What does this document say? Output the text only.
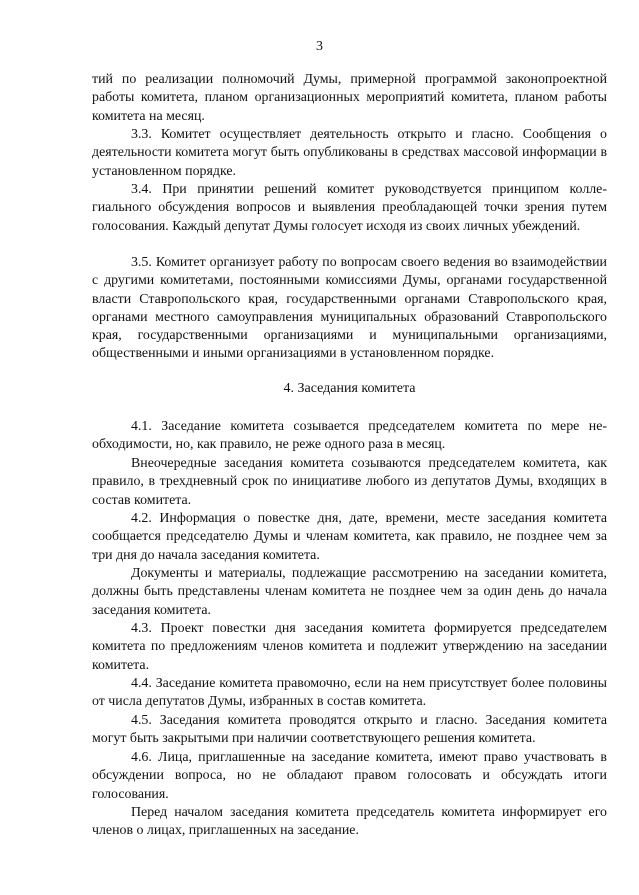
3

тий по реализации полномочий Думы, примерной программой законопроектной работы комитета, планом организационных мероприятий комитета, планом работы комитета на месяц.

3.3. Комитет осуществляет деятельность открыто и гласно. Сообщения о деятельности комитета могут быть опубликованы в средствах массовой информации в установленном порядке.

3.4. При принятии решений комитет руководствуется принципом коллегиального обсуждения вопросов и выявления преобладающей точки зрения путем голосования. Каждый депутат Думы голосует исходя из своих личных убеждений.

3.5. Комитет организует работу по вопросам своего ведения во взаимодействии с другими комитетами, постоянными комиссиями Думы, органами государственной власти Ставропольского края, государственными органами Ставропольского края, органами местного самоуправления муниципальных образований Ставропольского края, государственными организациями и муниципальными организациями, общественными и иными организациями в установленном порядке.

4. Заседания комитета

4.1. Заседание комитета созывается председателем комитета по мере необходимости, но, как правило, не реже одного раза в месяц.

Внеочередные заседания комитета созываются председателем комитета, как правило, в трехдневный срок по инициативе любого из депутатов Думы, входящих в состав комитета.

4.2. Информация о повестке дня, дате, времени, месте заседания комитета сообщается председателю Думы и членам комитета, как правило, не позднее чем за три дня до начала заседания комитета.

Документы и материалы, подлежащие рассмотрению на заседании комитета, должны быть представлены членам комитета не позднее чем за один день до начала заседания комитета.

4.3. Проект повестки дня заседания комитета формируется председателем комитета по предложениям членов комитета и подлежит утверждению на заседании комитета.

4.4. Заседание комитета правомочно, если на нем присутствует более половины от числа депутатов Думы, избранных в состав комитета.

4.5. Заседания комитета проводятся открыто и гласно. Заседания комитета могут быть закрытыми при наличии соответствующего решения комитета.

4.6. Лица, приглашенные на заседание комитета, имеют право участвовать в обсуждении вопроса, но не обладают правом голосовать и обсуждать итоги голосования.

Перед началом заседания комитета председатель комитета информирует его членов о лицах, приглашенных на заседание.
